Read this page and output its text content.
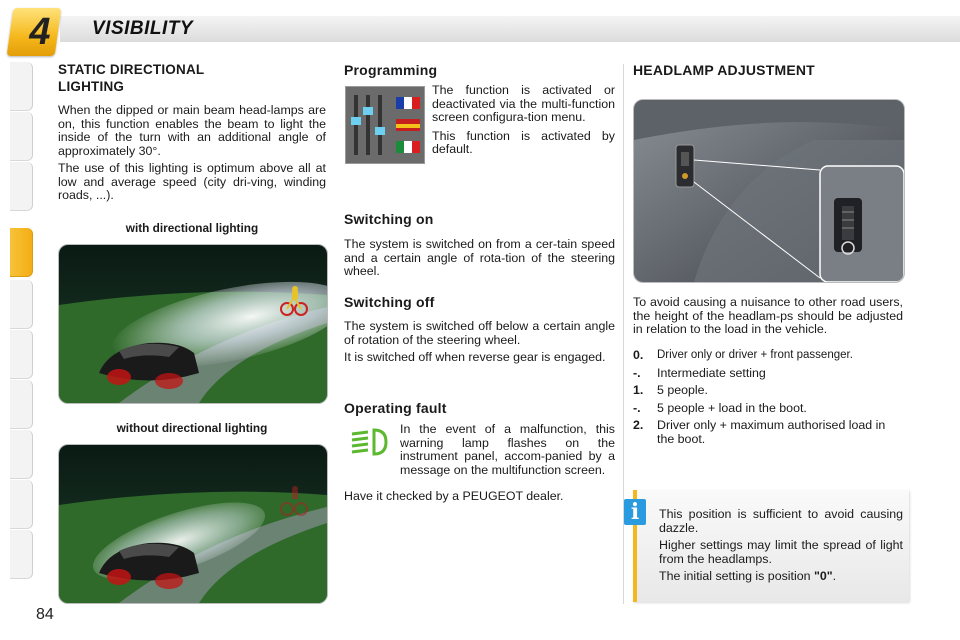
4	VISIBILITY
STATIC DIRECTIONAL
LIGHTING

When the dipped or main beam head-lamps are on, this function enables the beam to light the inside of the turn with an additional angle of approximately 30°.

The use of this lighting is optimum above all at low and average speed (city dri-ving, winding roads, ...).

with directional lighting
without directional lighting
Programming

The function is activated or deactivated via the multi-function screen configura-tion menu.

This function is activated by default.

Switching on

The system is switched on from a cer-tain speed and a certain angle of rota-tion of the steering wheel.

Switching off

The system is switched off below a certain angle of rotation of the steering wheel.

It is switched off when reverse gear is engaged.

Operating fault

In the event of a malfunction, this warning lamp flashes on the instrument panel, accom-panied by a message on the multifunction screen.

Have it checked by a PEUGEOT dealer.

HEADLAMP ADJUSTMENT

To avoid causing a nuisance to other road users, the height of the headlam-ps should be adjusted in relation to the load in the vehicle.

0.	Driver only or driver + front passenger.
-.	Intermediate setting
1.	5 people.
-.	5 people + load in the boot.
2.	Driver only + maximum authorised load in the boot.

This position is sufficient to avoid causing dazzle.

Higher settings may limit the spread of light from the headlamps.

The initial setting is position "0".

i
84
